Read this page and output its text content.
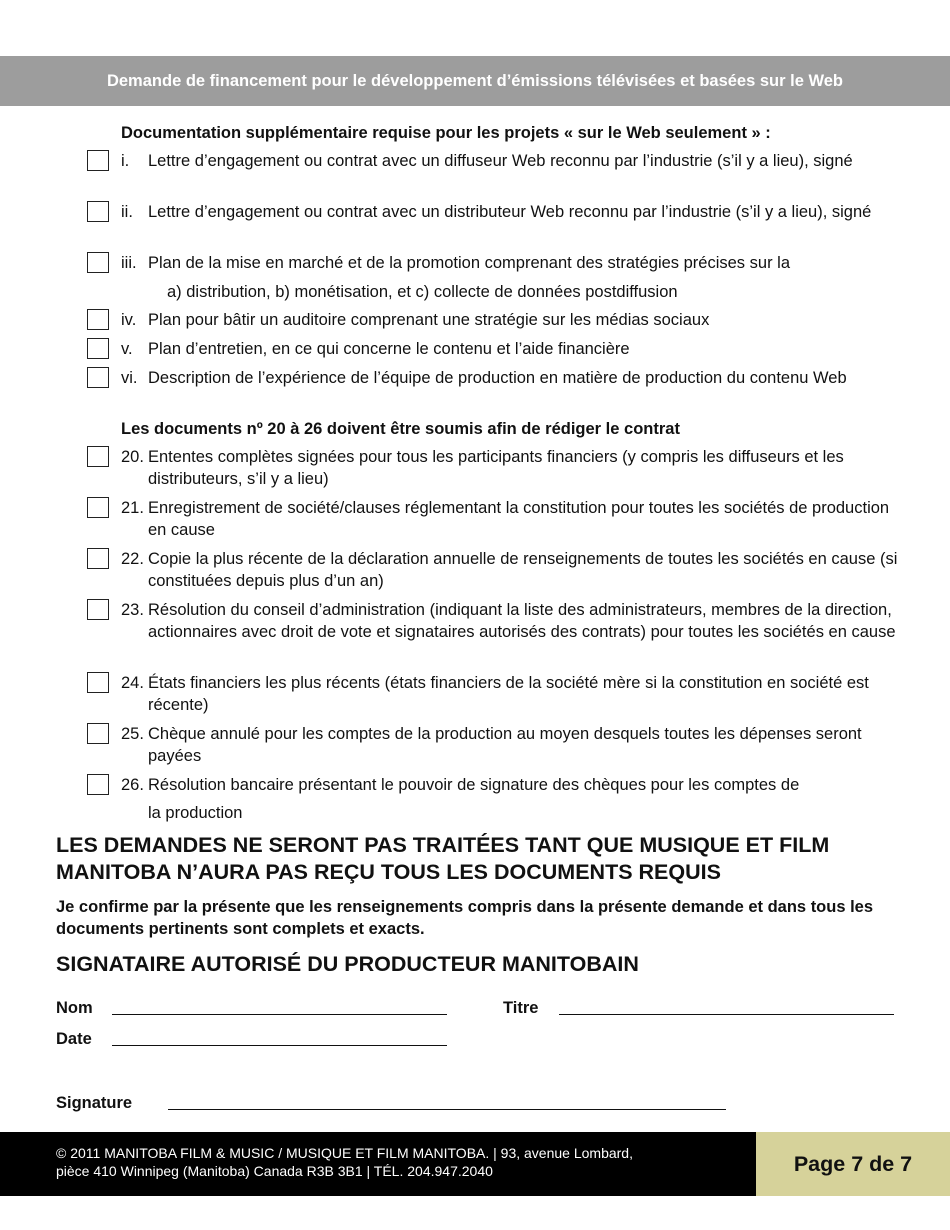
Demande de financement pour le développement d’émissions télévisées et basées sur le Web
Documentation supplémentaire requise pour les projets « sur le Web seulement » :
i. Lettre d’engagement ou contrat avec un diffuseur Web reconnu par l’industrie (s’il y a lieu), signé
ii. Lettre d’engagement ou contrat avec un distributeur Web reconnu par l’industrie (s’il y a lieu), signé
iii. Plan de la mise en marché et de la promotion comprenant des stratégies précises sur la
a) distribution, b) monétisation, et c) collecte de données postdiffusion
iv. Plan pour bâtir un auditoire comprenant une stratégie sur les médias sociaux
v. Plan d’entretien, en ce qui concerne le contenu et l’aide financière
vi. Description de l’expérience de l’équipe de production en matière de production du contenu Web
Les documents nº 20 à 26 doivent être soumis afin de rédiger le contrat
20. Ententes complètes signées pour tous les participants financiers (y compris les diffuseurs et les distributeurs, s’il y a lieu)
21. Enregistrement de société/clauses réglementant la constitution pour toutes les sociétés de production en cause
22. Copie la plus récente de la déclaration annuelle de renseignements de toutes les sociétés en cause (si constituées depuis plus d’un an)
23. Résolution du conseil d’administration (indiquant la liste des administrateurs, membres de la direction, actionnaires avec droit de vote et signataires autorisés des contrats) pour toutes les sociétés en cause
24. États financiers les plus récents (états financiers de la société mère si la constitution en société est récente)
25. Chèque annulé pour les comptes de la production au moyen desquels toutes les dépenses seront payées
26. Résolution bancaire présentant le pouvoir de signature des chèques pour les comptes de
la production
LES DEMANDES NE SERONT PAS TRAITÉES TANT QUE MUSIQUE ET FILM MANITOBA N’AURA PAS REÇU TOUS LES DOCUMENTS REQUIS
Je confirme par la présente que les renseignements compris dans la présente demande et dans tous les documents pertinents sont complets et exacts.
SIGNATAIRE AUTORISÉ DU PRODUCTEUR MANITOBAIN
Nom	Titre
Date
Signature
© 2011 MANITOBA FILM & MUSIC / MUSIQUE ET FILM MANITOBA. | 93, avenue Lombard,
pièce 410 Winnipeg (Manitoba) Canada R3B 3B1 | TÉL. 204.947.2040	Page 7 de 7
